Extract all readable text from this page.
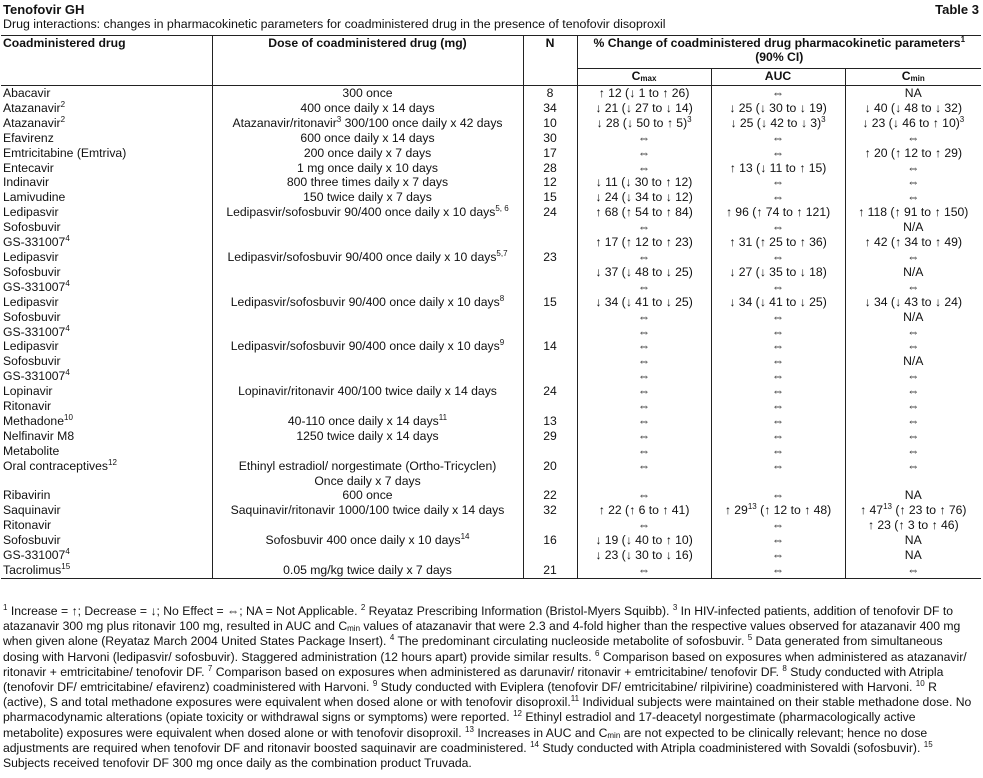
Tenofovir GH	Table 3
Drug interactions: changes in pharmacokinetic parameters for coadministered drug in the presence of tenofovir disoproxil
Coadministered drug	Dose of coadministered drug (mg)	N	% Change of coadministered drug pharmacokinetic parameters$^1$
(90% CI)		
			$C_{max}$	AUC	$C_{min}$
Abacavir	300 once	8	↑ 12 (↓ 1 to ↑ 26)	⇔	NA
Atazanavir$^2$	400 once daily x 14 days	34	↓ 21 (↓ 27 to ↓ 14)	↓ 25 (↓ 30 to ↓ 19)	↓ 40 (↓ 48 to ↓ 32)
Atazanavir$^2$	Atazanavir/ritonavir$^3$ 300/100 once daily x 42 days	10	↓ 28 (↓ 50 to ↑ 5)$^3$	↓ 25 (↓ 42 to ↓ 3)$^3$	↓ 23 (↓ 46 to ↑ 10)$^3$
Efavirenz	600 once daily x 14 days	30	⇔	⇔	⇔
Emtricitabine (Emtriva)	200 once daily x 7 days	17	⇔	⇔	↑ 20 (↑ 12 to ↑ 29)
Entecavir	1 mg once daily x 10 days	28	⇔	↑ 13 (↓ 11 to ↑ 15)	⇔
Indinavir	800 three times daily x 7 days	12	↓ 11 (↓ 30 to ↑ 12)	⇔	⇔
Lamivudine	150 twice daily x 7 days	15	↓ 24 (↓ 34 to ↓ 12)	⇔	⇔
Ledipasvir	Ledipasvir/sofosbuvir 90/400 once daily x 10 days$^{5, 6}$	24	↑ 68 (↑ 54 to ↑ 84)	↑ 96 (↑ 74 to ↑ 121)	↑ 118 (↑ 91 to ↑ 150)
Sofosbuvir			⇔	⇔	N/A
GS-331007$^4$			↑ 17 (↑ 12 to ↑ 23)	↑ 31 (↑ 25 to ↑ 36)	↑ 42 (↑ 34 to ↑ 49)
Ledipasvir	Ledipasvir/sofosbuvir 90/400 once daily x 10 days$^{5,7}$	23	⇔	⇔	⇔
Sofosbuvir			↓ 37 (↓ 48 to ↓ 25)	↓ 27 (↓ 35 to ↓ 18)	N/A
GS-331007$^4$			⇔	⇔	⇔
Ledipasvir	Ledipasvir/sofosbuvir 90/400 once daily x 10 days$^8$	15	↓ 34 (↓ 41 to ↓ 25)	↓ 34 (↓ 41 to ↓ 25)	↓ 34 (↓ 43 to ↓ 24)
Sofosbuvir			⇔	⇔	N/A
GS-331007$^4$			⇔	⇔	⇔
Ledipasvir	Ledipasvir/sofosbuvir 90/400 once daily x 10 days$^9$	14	⇔	⇔	⇔
Sofosbuvir			⇔	⇔	N/A
GS-331007$^4$			⇔	⇔	⇔
Lopinavir	Lopinavir/ritonavir 400/100 twice daily x 14 days	24	⇔	⇔	⇔
Ritonavir			⇔	⇔	⇔
Methadone$^{10}$	40-110 once daily x 14 days$^{11}$	13	⇔	⇔	⇔
Nelfinavir M8	1250 twice daily x 14 days	29	⇔	⇔	⇔
Metabolite			⇔	⇔	⇔
Oral contraceptives$^{12}$	Ethinyl estradiol/ norgestimate (Ortho-Tricyclen)	20	⇔	⇔	⇔
	Once daily x 7 days				
Ribavirin	600 once	22	⇔	⇔	NA
Saquinavir	Saquinavir/ritonavir 1000/100 twice daily x 14 days	32	↑ 22 (↑ 6 to ↑ 41)	↑ $29^{13}$ (↑ 12 to ↑ 48)	↑ $47^{13}$ (↑ 23 to ↑ 76)
Ritonavir			⇔	⇔	↑ 23 (↑ 3 to ↑ 46)
Sofosbuvir	Sofosbuvir 400 once daily x 10 days$^{14}$	16	↓ 19 (↓ 40 to ↑ 10)	⇔	NA
GS-331007$^4$			↓ 23 (↓ 30 to ↓ 16)	⇔	NA
Tacrolimus$^{15}$	0.05 mg/kg twice daily x 7 days	21	⇔	⇔	⇔
$^1$ Increase = ↑; Decrease = ↓; No Effect = ⇔; NA = Not Applicable. $^2$ Reyataz Prescribing Information (Bristol-Myers Squibb). $^3$ In HIV-infected patients, addition of tenofovir DF to atazanavir 300 mg plus ritonavir 100 mg, resulted in AUC and $C_{min}$ values of atazanavir that were 2.3 and 4-fold higher than the respective values observed for atazanavir 400 mg when given alone (Reyataz March 2004 United States Package Insert). $^4$ The predominant circulating nucleoside metabolite of sofosbuvir. $^5$ Data generated from simultaneous dosing with Harvoni (ledipasvir/ sofosbuvir). Staggered administration (12 hours apart) provide similar results. $^6$ Comparison based on exposures when administered as atazanavir/ ritonavir + emtricitabine/ tenofovir DF. $^7$ Comparison based on exposures when administered as darunavir/ ritonavir + emtricitabine/ tenofovir DF. $^8$ Study conducted with Atripla (tenofovir DF/ emtricitabine/ efavirenz) coadministered with Harvoni. $^9$ Study conducted with Eviplera (tenofovir DF/ emtricitabine/ rilpivirine) coadministered with Harvoni. $^{10}$ R (active), S and total methadone exposures were equivalent when dosed alone or with tenofovir disoproxil.$^{11}$ Individual subjects were maintained on their stable methadone dose. No pharmacodynamic alterations (opiate toxicity or withdrawal signs or symptoms) were reported. $^{12}$ Ethinyl estradiol and 17-deacetyl norgestimate (pharmacologically active metabolite) exposures were equivalent when dosed alone or with tenofovir disoproxil. $^{13}$ Increases in AUC and $C_{min}$ are not expected to be clinically relevant; hence no dose adjustments are required when tenofovir DF and ritonavir boosted saquinavir are coadministered. $^{14}$ Study conducted with Atripla coadministered with Sovaldi (sofosbuvir). $^{15}$ Subjects received tenofovir DF 300 mg once daily as the combination product Truvada.
